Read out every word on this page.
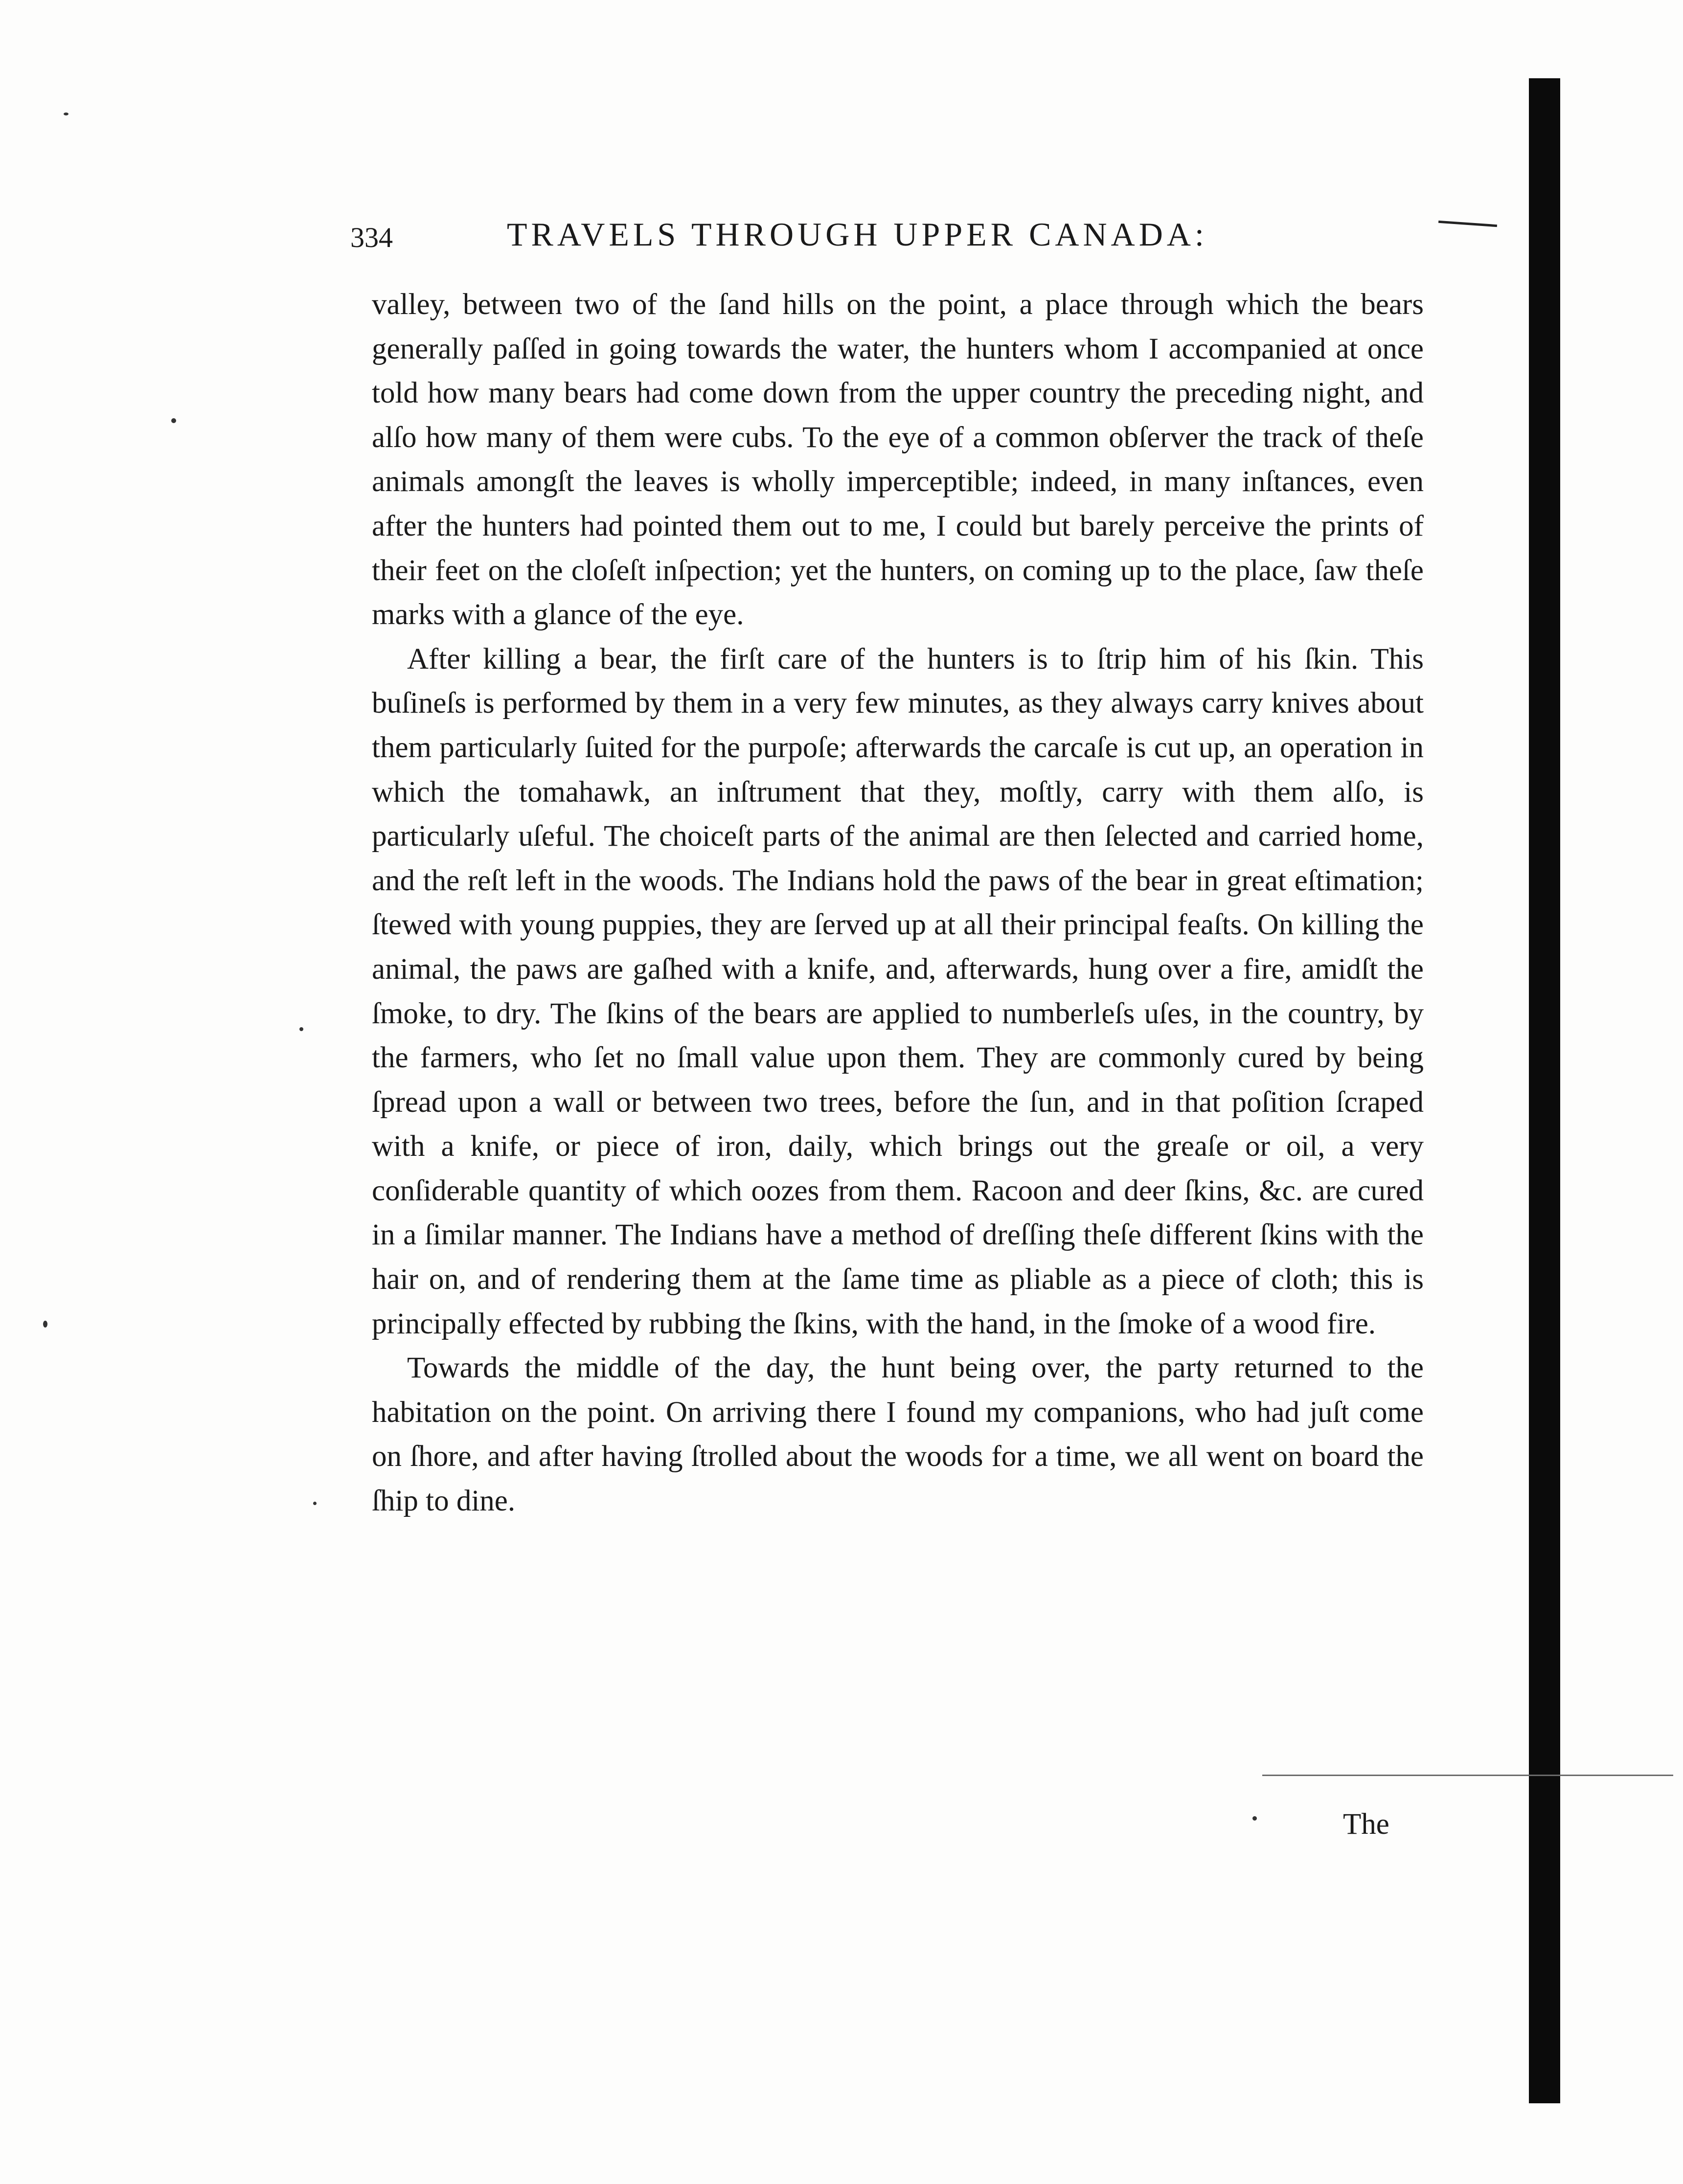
334	TRAVELS THROUGH UPPER CANADA:

valley, between two of the ſand hills on the point, a place through which the bears generally paſſed in going towards the water, the hunters whom I accompanied at once told how many bears had come down from the upper country the preceding night, and alſo how many of them were cubs. To the eye of a common obſerver the track of theſe animals amongſt the leaves is wholly imperceptible; indeed, in many inſtances, even after the hunters had pointed them out to me, I could but barely perceive the prints of their feet on the cloſeſt inſpection; yet the hunters, on coming up to the place, ſaw theſe marks with a glance of the eye.

After killing a bear, the firſt care of the hunters is to ſtrip him of his ſkin. This buſineſs is performed by them in a very few minutes, as they always carry knives about them particularly ſuited for the purpoſe; afterwards the carcaſe is cut up, an operation in which the tomahawk, an inſtrument that they, moſtly, carry with them alſo, is particularly uſeful. The choiceſt parts of the animal are then ſelected and carried home, and the reſt left in the woods. The Indians hold the paws of the bear in great eſtimation; ſtewed with young puppies, they are ſerved up at all their principal feaſts. On killing the animal, the paws are gaſhed with a knife, and, afterwards, hung over a fire, amidſt the ſmoke, to dry. The ſkins of the bears are applied to numberleſs uſes, in the country, by the farmers, who ſet no ſmall value upon them. They are commonly cured by being ſpread upon a wall or between two trees, before the ſun, and in that poſition ſcraped with a knife, or piece of iron, daily, which brings out the greaſe or oil, a very conſiderable quantity of which oozes from them. Racoon and deer ſkins, &c. are cured in a ſimilar manner. The Indians have a method of dreſſing theſe different ſkins with the hair on, and of rendering them at the ſame time as pliable as a piece of cloth; this is principally effected by rubbing the ſkins, with the hand, in the ſmoke of a wood fire.

Towards the middle of the day, the hunt being over, the party returned to the habitation on the point. On arriving there I found my companions, who had juſt come on ſhore, and after having ſtrolled about the woods for a time, we all went on board the ſhip to dine.

The
